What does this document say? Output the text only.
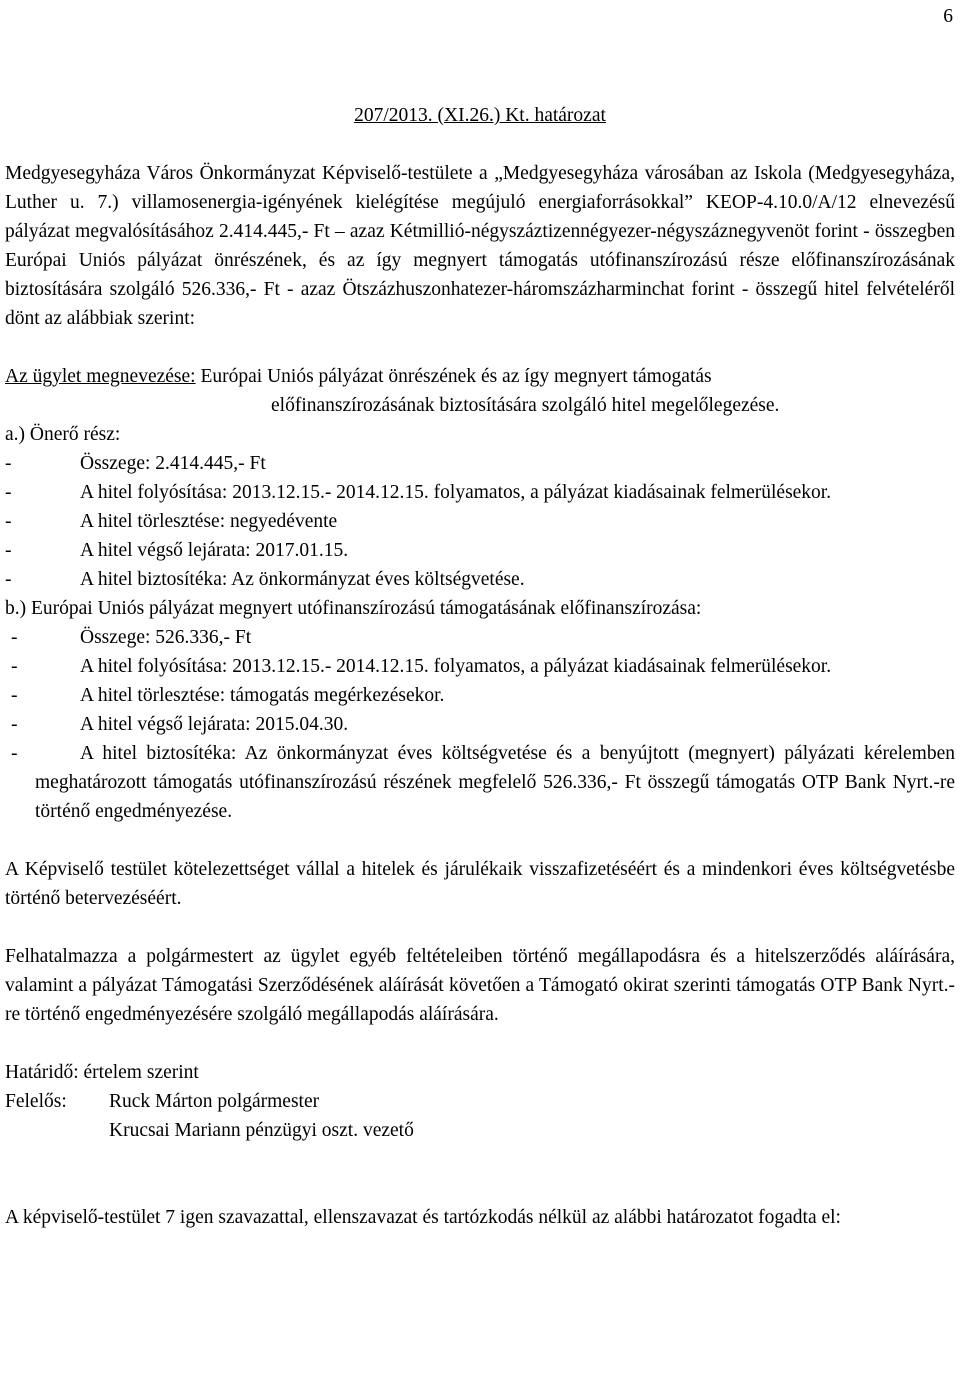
6

207/2013. (XI.26.) Kt. határozat

Medgyesegyháza Város Önkormányzat Képviselő-testülete a „Medgyesegyháza városában az Iskola (Medgyesegyháza, Luther u. 7.) villamosenergia-igényének kielégítése megújuló energiaforrásokkal” KEOP-4.10.0/A/12 elnevezésű pályázat megvalósításához 2.414.445,- Ft – azaz Kétmillió-négyszáztizennégyezer-négyszáznegyvenöt forint - összegben Európai Uniós pályázat önrészének, és az így megnyert támogatás utófinanszírozású része előfinanszírozásának biztosítására szolgáló 526.336,- Ft - azaz Ötszázhuszonhatezer-háromszázharminchat forint - összegű hitel felvételéről dönt az alábbiak szerint:

Az ügylet megnevezése: Európai Uniós pályázat önrészének és az így megnyert támogatás

előfinanszírozásának biztosítására szolgáló hitel megelőlegezése.

a.) Önerő rész:

-	Összege: 2.414.445,- Ft
-	A hitel folyósítása: 2013.12.15.- 2014.12.15. folyamatos, a pályázat kiadásainak felmerülésekor.
-	A hitel törlesztése: negyedévente
-	A hitel végső lejárata: 2017.01.15.
-	A hitel biztosítéka: Az önkormányzat éves költségvetése.

b.) Európai Uniós pályázat megnyert utófinanszírozású támogatásának előfinanszírozása:

-	Összege: 526.336,- Ft
-	A hitel folyósítása: 2013.12.15.- 2014.12.15. folyamatos, a pályázat kiadásainak felmerülésekor.
-	A hitel törlesztése: támogatás megérkezésekor.
-	A hitel végső lejárata: 2015.04.30.
-	A hitel biztosítéka: Az önkormányzat éves költségvetése és a benyújtott (megnyert) pályázati kérelemben meghatározott támogatás utófinanszírozású részének megfelelő 526.336,- Ft összegű támogatás OTP Bank Nyrt.-re történő engedményezése.

A Képviselő testület kötelezettséget vállal a hitelek és járulékaik visszafizetéséért és a mindenkori éves költségvetésbe történő betervezéséért.

Felhatalmazza a polgármestert az ügylet egyéb feltételeiben történő megállapodásra és a hitelszerződés aláírására, valamint a pályázat Támogatási Szerződésének aláírását követően a Támogató okirat szerinti támogatás OTP Bank Nyrt.-re történő engedményezésére szolgáló megállapodás aláírására.

Határidő: értelem szerint

Felelős:	Ruck Márton polgármester

Krucsai Mariann pénzügyi oszt. vezető

A képviselő-testület 7 igen szavazattal, ellenszavazat és tartózkodás nélkül az alábbi határozatot fogadta el:
